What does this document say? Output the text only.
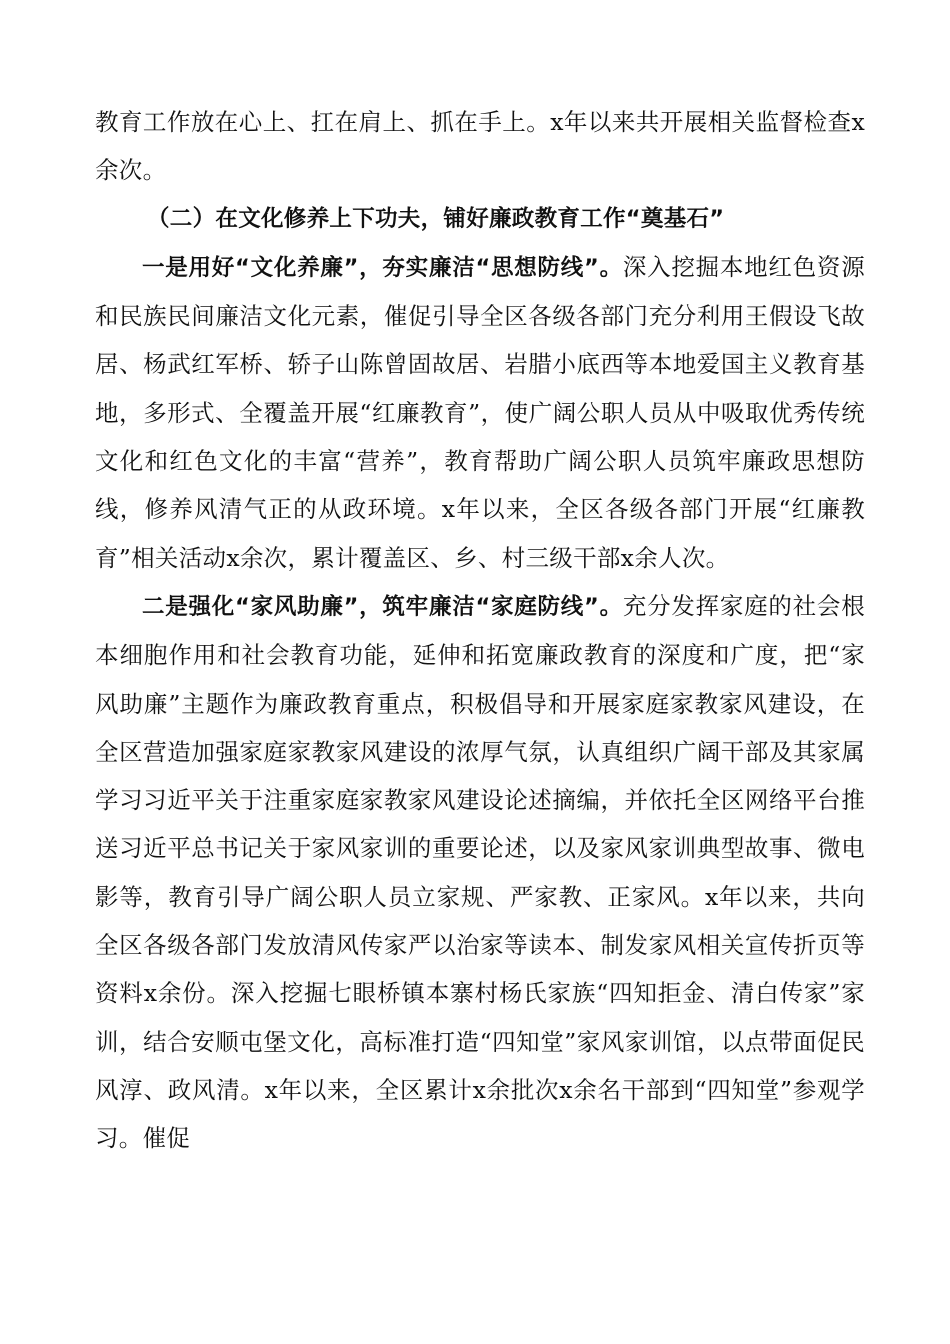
教育工作放在心上、扛在肩上、抓在手上。x年以来共开展相关监督检查x余次。

（二）在文化修养上下功夫，铺好廉政教育工作“奠基石”

一是用好“文化养廉”，夯实廉洁“思想防线”。深入挖掘本地红色资源和民族民间廉洁文化元素，催促引导全区各级各部门充分利用王假设飞故居、杨武红军桥、轿子山陈曾固故居、岩腊小底西等本地爱国主义教育基地，多形式、全覆盖开展“红廉教育”，使广阔公职人员从中吸取优秀传统文化和红色文化的丰富“营养”，教育帮助广阔公职人员筑牢廉政思想防线，修养风清气正的从政环境。x年以来，全区各级各部门开展“红廉教育”相关活动x余次，累计覆盖区、乡、村三级干部x余人次。

二是强化“家风助廉”，筑牢廉洁“家庭防线”。充分发挥家庭的社会根本细胞作用和社会教育功能，延伸和拓宽廉政教育的深度和广度，把“家风助廉”主题作为廉政教育重点，积极倡导和开展家庭家教家风建设，在全区营造加强家庭家教家风建设的浓厚气氛，认真组织广阔干部及其家属学习习近平关于注重家庭家教家风建设论述摘编，并依托全区网络平台推送习近平总书记关于家风家训的重要论述，以及家风家训典型故事、微电影等，教育引导广阔公职人员立家规、严家教、正家风。x年以来，共向全区各级各部门发放清风传家严以治家等读本、制发家风相关宣传折页等资料x余份。深入挖掘七眼桥镇本寨村杨氏家族“四知拒金、清白传家”家训，结合安顺屯堡文化，高标准打造“四知堂”家风家训馆，以点带面促民风淳、政风清。x年以来，全区累计x余批次x余名干部到“四知堂”参观学习。催促
